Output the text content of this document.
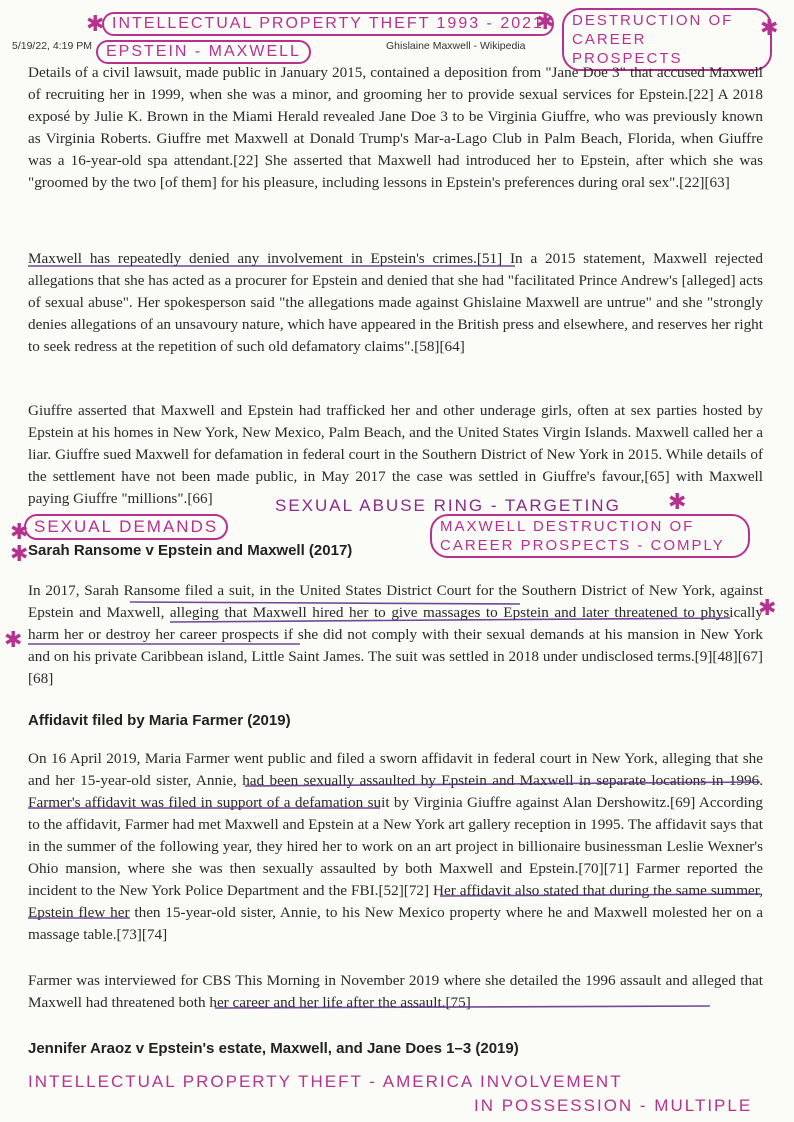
5/19/22, 4:19 PM	Ghislaine Maxwell - Wikipedia
✱ INTELLECTUAL PROPERTY THEFT 1993 - 2021
EPSTEIN - MAXWELL
✱	DESTRUCTION OF CAREER PROSPECTS
✱

Details of a civil lawsuit, made public in January 2015, contained a deposition from "Jane Doe 3" that accused Maxwell of recruiting her in 1999, when she was a minor, and grooming her to provide sexual services for Epstein.[22] A 2018 exposé by Julie K. Brown in the Miami Herald revealed Jane Doe 3 to be Virginia Giuffre, who was previously known as Virginia Roberts. Giuffre met Maxwell at Donald Trump's Mar-a-Lago Club in Palm Beach, Florida, when Giuffre was a 16-year-old spa attendant.[22] She asserted that Maxwell had introduced her to Epstein, after which she was "groomed by the two [of them] for his pleasure, including lessons in Epstein's preferences during oral sex".[22][63]

Maxwell has repeatedly denied any involvement in Epstein's crimes.[51] In a 2015 statement, Maxwell rejected allegations that she has acted as a procurer for Epstein and denied that she had "facilitated Prince Andrew's [alleged] acts of sexual abuse". Her spokesperson said "the allegations made against Ghislaine Maxwell are untrue" and she "strongly denies allegations of an unsavoury nature, which have appeared in the British press and elsewhere, and reserves her right to seek redress at the repetition of such old defamatory claims".[58][64]

Giuffre asserted that Maxwell and Epstein had trafficked her and other underage girls, often at sex parties hosted by Epstein at his homes in New York, New Mexico, Palm Beach, and the United States Virgin Islands. Maxwell called her a liar. Giuffre sued Maxwell for defamation in federal court in the Southern District of New York in 2015. While details of the settlement have not been made public, in May 2017 the case was settled in Giuffre's favour,[65] with Maxwell paying Giuffre "millions".[66]

✱ SEXUAL DEMANDS
SEXUAL ABUSE RING - TARGETING ✱
MAXWELL DESTRUCTION OF CAREER PROSPECTS - COMPLY
✱ Sarah Ransome v Epstein and Maxwell (2017)

In 2017, Sarah Ransome filed a suit, in the United States District Court for the Southern District of New York, against Epstein and Maxwell, alleging that Maxwell hired her to give massages to Epstein and later threatened to physically harm her or destroy her career prospects if she did not comply with their sexual demands at his mansion in New York and on his private Caribbean island, Little Saint James. The suit was settled in 2018 under undisclosed terms.[9][48][67][68]

✱
✱
Affidavit filed by Maria Farmer (2019)

On 16 April 2019, Maria Farmer went public and filed a sworn affidavit in federal court in New York, alleging that she and her 15-year-old sister, Annie, had been sexually assaulted by Epstein and Maxwell in separate locations in 1996. Farmer's affidavit was filed in support of a defamation suit by Virginia Giuffre against Alan Dershowitz.[69] According to the affidavit, Farmer had met Maxwell and Epstein at a New York art gallery reception in 1995. The affidavit says that in the summer of the following year, they hired her to work on an art project in billionaire businessman Leslie Wexner's Ohio mansion, where she was then sexually assaulted by both Maxwell and Epstein.[70][71] Farmer reported the incident to the New York Police Department and the FBI.[52][72] Her affidavit also stated that during the same summer, Epstein flew her then 15-year-old sister, Annie, to his New Mexico property where he and Maxwell molested her on a massage table.[73][74]

Farmer was interviewed for CBS This Morning in November 2019 where she detailed the 1996 assault and alleged that Maxwell had threatened both her career and her life after the assault.[75]

Jennifer Araoz v Epstein's estate, Maxwell, and Jane Does 1–3 (2019)
INTELLECTUAL PROPERTY THEFT - AMERICA INVOLVEMENT
IN POSSESSION - MULTIPLE
